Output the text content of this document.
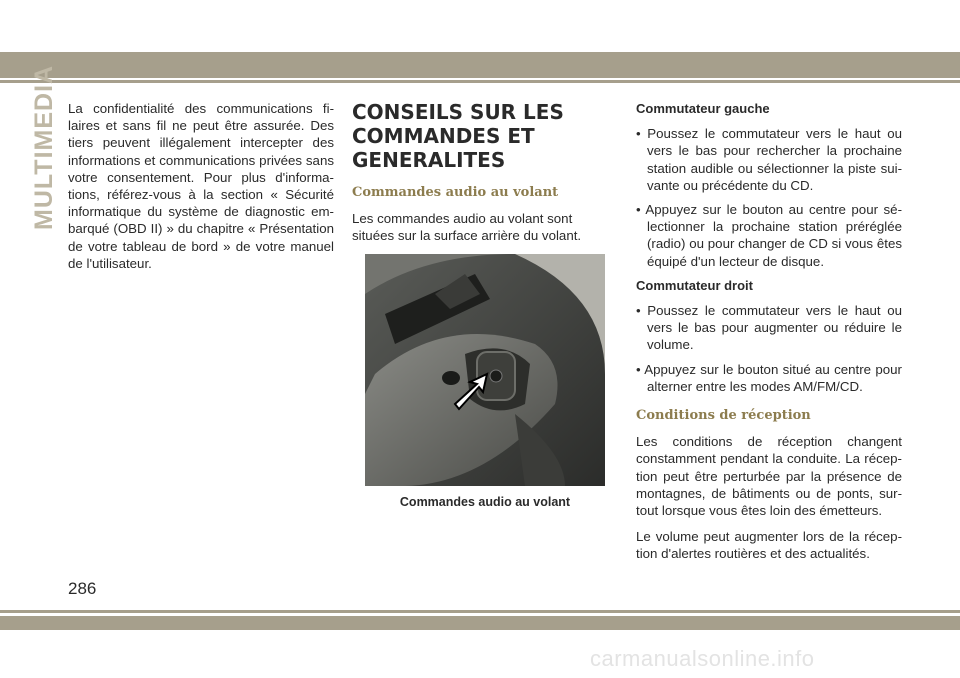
MULTIMEDIA La confidentialité des communications fi-laires et sans fil ne peut être assurée. Des tiers peuvent illégalement intercepter des informations et communications privées sans votre consentement. Pour plus d'informa-tions, référez-vous à la section « Sécurité informatique du système de diagnostic em-barqué (OBD II) » du chapitre « Présentation de votre tableau de bord » de votre manuel de l'utilisateur.

CONSEILS SUR LES COMMANDES ET GENERALITES
Commandes audio au volant

Les commandes audio au volant sont situées sur la surface arrière du volant.

Commandes audio au volant

Commutateur gauche

• Poussez le commutateur vers le haut ou vers le bas pour rechercher la prochaine station audible ou sélectionner la piste sui-vante ou précédente du CD.

• Appuyez sur le bouton au centre pour sé-lectionner la prochaine station préréglée (radio) ou pour changer de CD si vous êtes équipé d'un lecteur de disque.

Commutateur droit

• Poussez le commutateur vers le haut ou vers le bas pour augmenter ou réduire le volume.

• Appuyez sur le bouton situé au centre pour alterner entre les modes AM/FM/CD.

Conditions de réception

Les conditions de réception changent constamment pendant la conduite. La récep-tion peut être perturbée par la présence de montagnes, de bâtiments ou de ponts, sur-tout lorsque vous êtes loin des émetteurs.

Le volume peut augmenter lors de la récep-tion d'alertes routières et des actualités.

286
carmanualsonline.info
